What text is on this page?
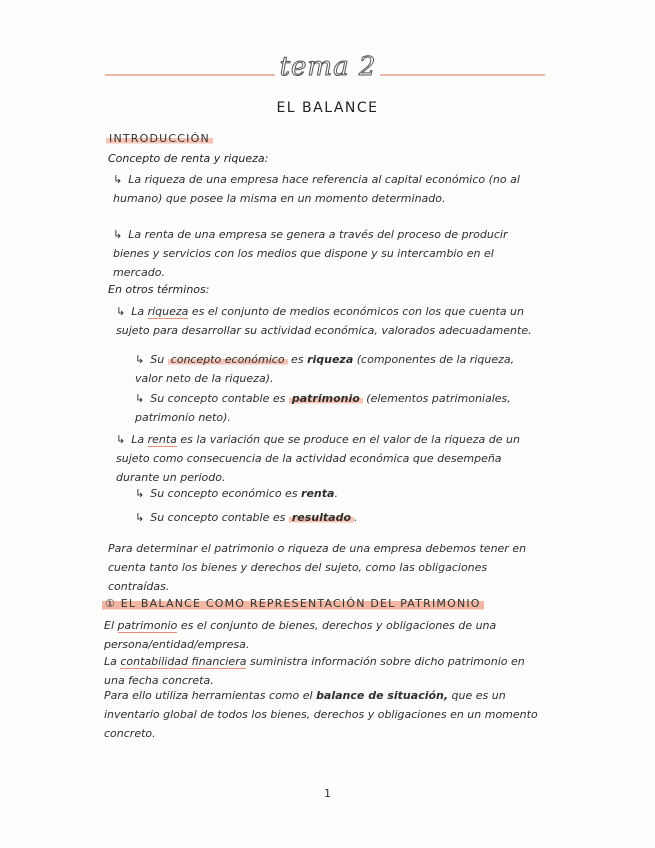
tema 2
EL BALANCE
INTRODUCCIÓN
Concepto de renta y riqueza:
↳ La riqueza de una empresa hace referencia al capital económico (no al humano) que posee la misma en un momento determinado.
↳ La renta de una empresa se genera a través del proceso de producir bienes y servicios con los medios que dispone y su intercambio en el mercado.
En otros términos:
↳ La riqueza es el conjunto de medios económicos con los que cuenta un sujeto para desarrollar su actividad económica, valorados adecuadamente.
↳ Su concepto económico es riqueza (componentes de la riqueza, valor neto de la riqueza).
↳ Su concepto contable es patrimonio (elementos patrimoniales, patrimonio neto).
↳ La renta es la variación que se produce en el valor de la riqueza de un sujeto como consecuencia de la actividad económica que desempeña durante un periodo.
↳ Su concepto económico es renta.
↳ Su concepto contable es resultado .
Para determinar el patrimonio o riqueza de una empresa debemos tener en cuenta tanto los bienes y derechos del sujeto, como las obligaciones contraídas.
① EL BALANCE COMO REPRESENTACIÓN DEL PATRIMONIO
El patrimonio es el conjunto de bienes, derechos y obligaciones de una persona/entidad/empresa.
La contabilidad financiera suministra información sobre dicho patrimonio en una fecha concreta.
Para ello utiliza herramientas como el balance de situación, que es un inventario global de todos los bienes, derechos y obligaciones en un momento concreto.
1
